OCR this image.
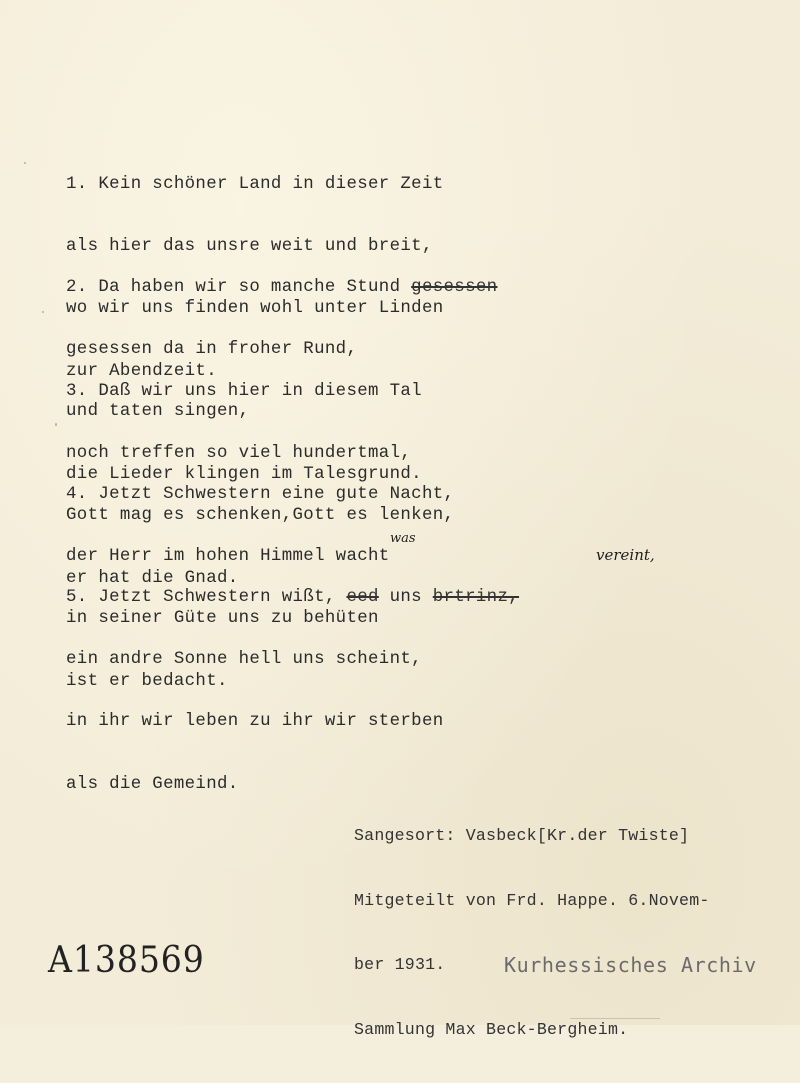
1. Kein schöner Land in dieser Zeit

als hier das unsre weit und breit,

wo wir uns finden wohl unter Linden

zur Abendzeit.

2. Da haben wir so manche Stund gesessen

gesessen da in froher Rund,

und taten singen,

die Lieder klingen im Talesgrund.

3. Daß wir uns hier in diesem Tal

noch treffen so viel hundertmal,

Gott mag es schenken,Gott es lenken,

er hat die Gnad.

4. Jetzt Schwestern eine gute Nacht,

der Herr im hohen Himmel wacht

in seiner Güte uns zu behüten

ist er bedacht.

was

5. Jetzt Schwestern wißt, eed uns brtrinz,

ein andre Sonne hell uns scheint,

in ihr wir leben zu ihr wir sterben

als die Gemeind.

vereint,

Sangesort: Vasbeck[Kr.der Twiste]

Mitgeteilt von Frd. Happe. 6.Novem-

ber 1931.

Sammlung Max Beck-Bergheim.

A138569	Kurhessisches Archiv
